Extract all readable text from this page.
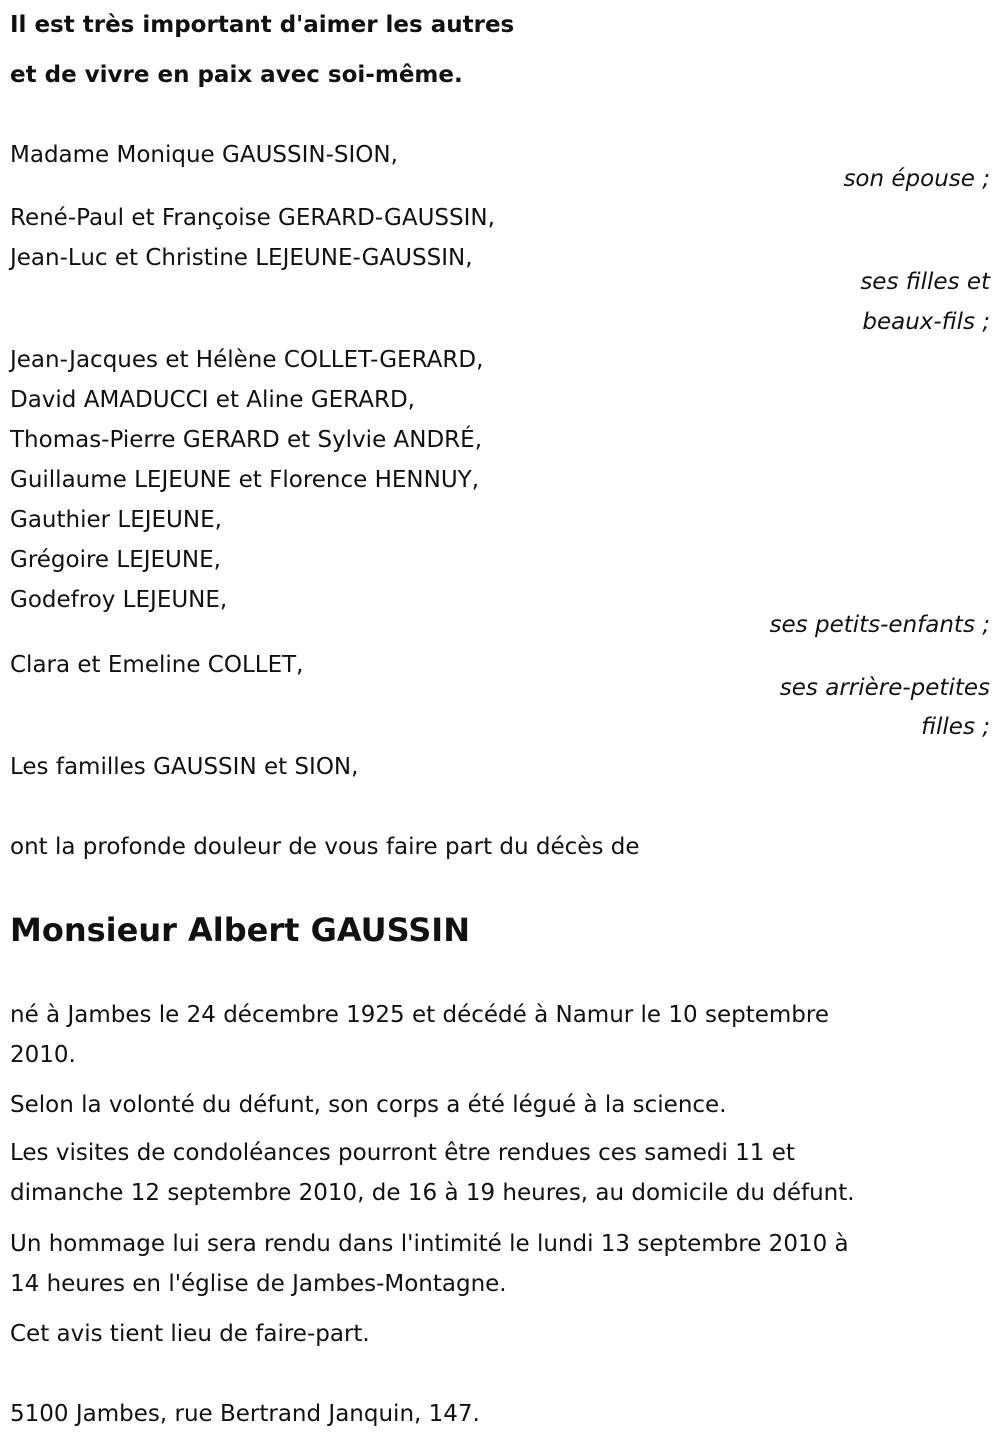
Il est très important d'aimer les autres
et de vivre en paix avec soi-même.
Madame Monique GAUSSIN-SION,
son épouse ;
René-Paul et Françoise GERARD-GAUSSIN,
Jean-Luc et Christine LEJEUNE-GAUSSIN,
ses filles et
beaux-fils ;
Jean-Jacques et Hélène COLLET-GERARD,
David AMADUCCI et Aline GERARD,
Thomas-Pierre GERARD et Sylvie ANDRÉ,
Guillaume LEJEUNE et Florence HENNUY,
Gauthier LEJEUNE,
Grégoire LEJEUNE,
Godefroy LEJEUNE,
ses petits-enfants ;
Clara et Emeline COLLET,
ses arrière-petites
filles ;
Les familles GAUSSIN et SION,
ont la profonde douleur de vous faire part du décès de
Monsieur Albert GAUSSIN
né à Jambes le 24 décembre 1925 et décédé à Namur le 10 septembre
2010.
Selon la volonté du défunt, son corps a été légué à la science.
Les visites de condoléances pourront être rendues ces samedi 11 et
dimanche 12 septembre 2010, de 16 à 19 heures, au domicile du défunt.
Un hommage lui sera rendu dans l'intimité le lundi 13 septembre 2010 à
14 heures en l'église de Jambes-Montagne.
Cet avis tient lieu de faire-part.
5100 Jambes, rue Bertrand Janquin, 147.
